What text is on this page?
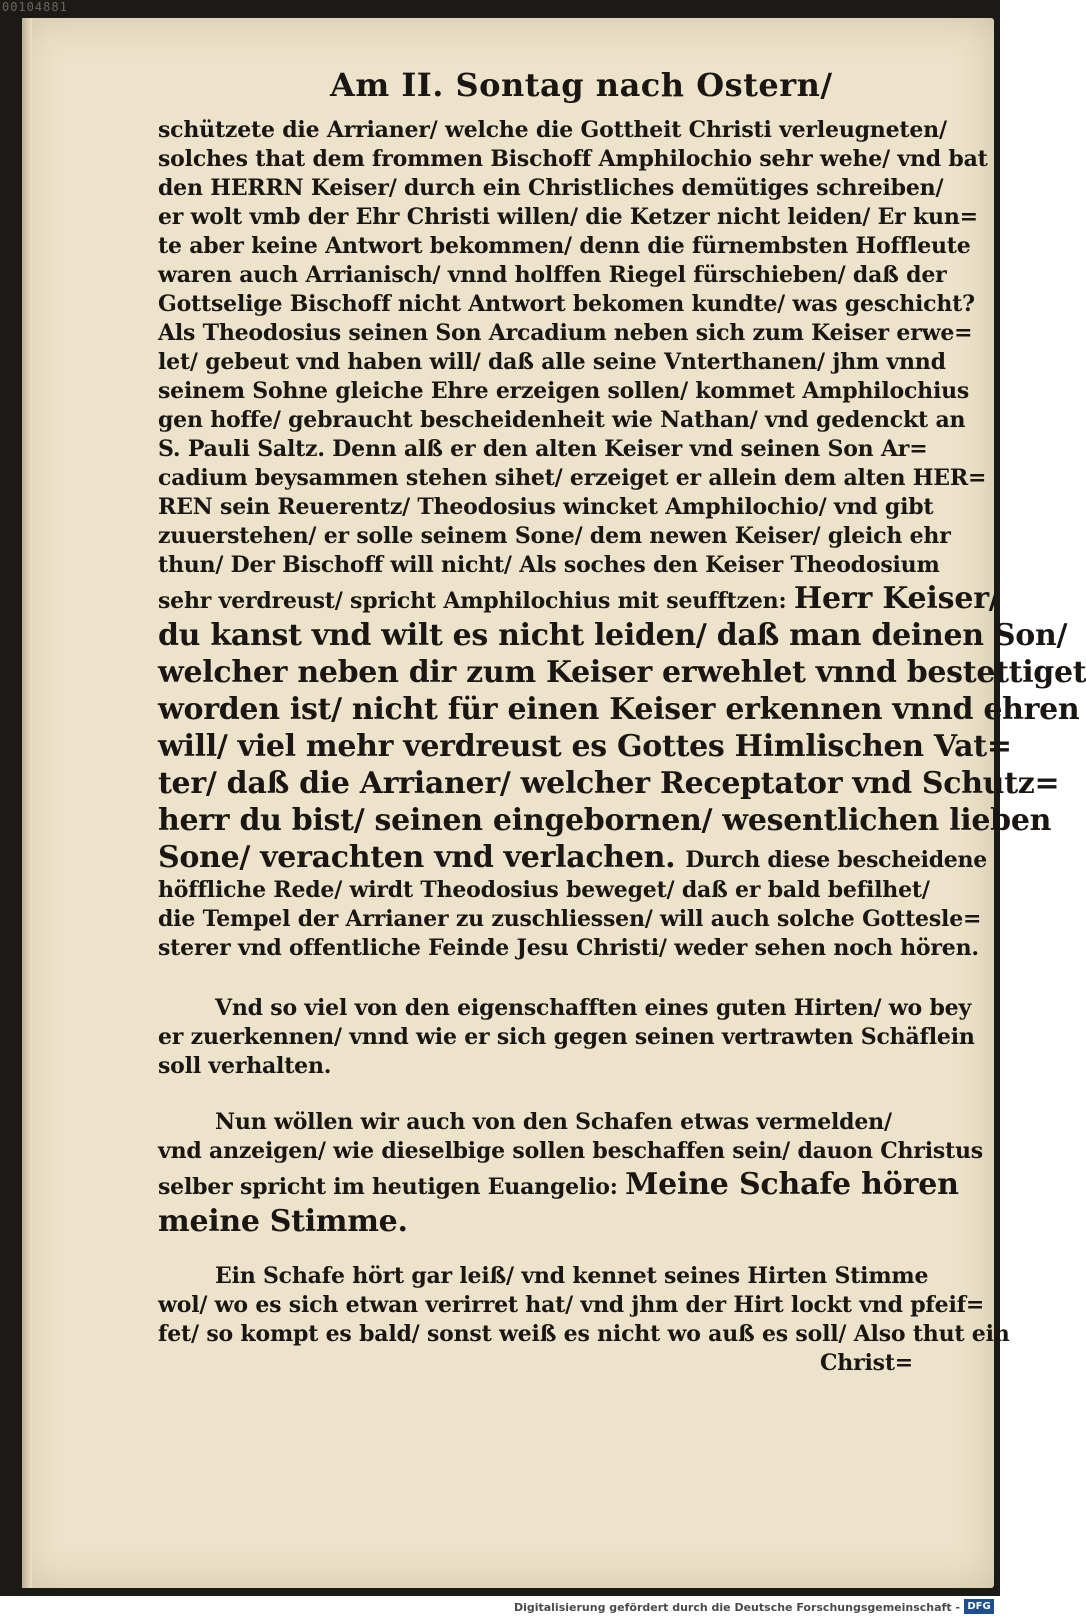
00104881
Am II. Sontag nach Ostern/
schützete die Arrianer/ welche die Gottheit Christi verleugneten/
solches that dem frommen Bischoff Amphilochio sehr wehe/ vnd bat
den HERRN Keiser/ durch ein Christliches demütiges schreiben/
er wolt vmb der Ehr Christi willen/ die Ketzer nicht leiden/ Er kun=
te aber keine Antwort bekommen/ denn die fürnembsten Hoffleute
waren auch Arrianisch/ vnnd holffen Riegel fürschieben/ daß der
Gottselige Bischoff nicht Antwort bekomen kundte/ was geschicht?
Als Theodosius seinen Son Arcadium neben sich zum Keiser erwe=
let/ gebeut vnd haben will/ daß alle seine Vnterthanen/ jhm vnnd
seinem Sohne gleiche Ehre erzeigen sollen/ kommet Amphilochius
gen hoffe/ gebraucht bescheidenheit wie Nathan/ vnd gedenckt an
S. Pauli Saltz. Denn alß er den alten Keiser vnd seinen Son Ar=
cadium beysammen stehen sihet/ erzeiget er allein dem alten HER=
REN sein Reuerentz/ Theodosius wincket Amphilochio/ vnd gibt
zuuerstehen/ er solle seinem Sone/ dem newen Keiser/ gleich ehr
thun/ Der Bischoff will nicht/ Als soches den Keiser Theodosium
sehr verdreust/ spricht Amphilochius mit seufftzen: Herr Keiser/
du kanst vnd wilt es nicht leiden/ daß man deinen Son/
welcher neben dir zum Keiser erwehlet vnnd bestettiget
worden ist/ nicht für einen Keiser erkennen vnnd ehren
will/ viel mehr verdreust es Gottes Himlischen Vat=
ter/ daß die Arrianer/ welcher Receptator vnd Schutz=
herr du bist/ seinen eingebornen/ wesentlichen lieben
Sone/ verachten vnd verlachen. Durch diese bescheidene
höffliche Rede/ wirdt Theodosius beweget/ daß er bald befilhet/
die Tempel der Arrianer zu zuschliessen/ will auch solche Gottesle=
sterer vnd offentliche Feinde Jesu Christi/ weder sehen noch hören.
Vnd so viel von den eigenschafften eines guten Hirten/ wo bey
er zuerkennen/ vnnd wie er sich gegen seinen vertrawten Schäflein
soll verhalten.
Nun wöllen wir auch von den Schafen etwas vermelden/
vnd anzeigen/ wie dieselbige sollen beschaffen sein/ dauon Christus
selber spricht im heutigen Euangelio: Meine Schafe hören
meine Stimme.
Ein Schafe hört gar leiß/ vnd kennet seines Hirten Stimme
wol/ wo es sich etwan verirret hat/ vnd jhm der Hirt lockt vnd pfeif=
fet/ so kompt es bald/ sonst weiß es nicht wo auß es soll/ Also thut ein
Christ=
Digitalisierung gefördert durch die Deutsche Forschungsgemeinschaft - DFG
